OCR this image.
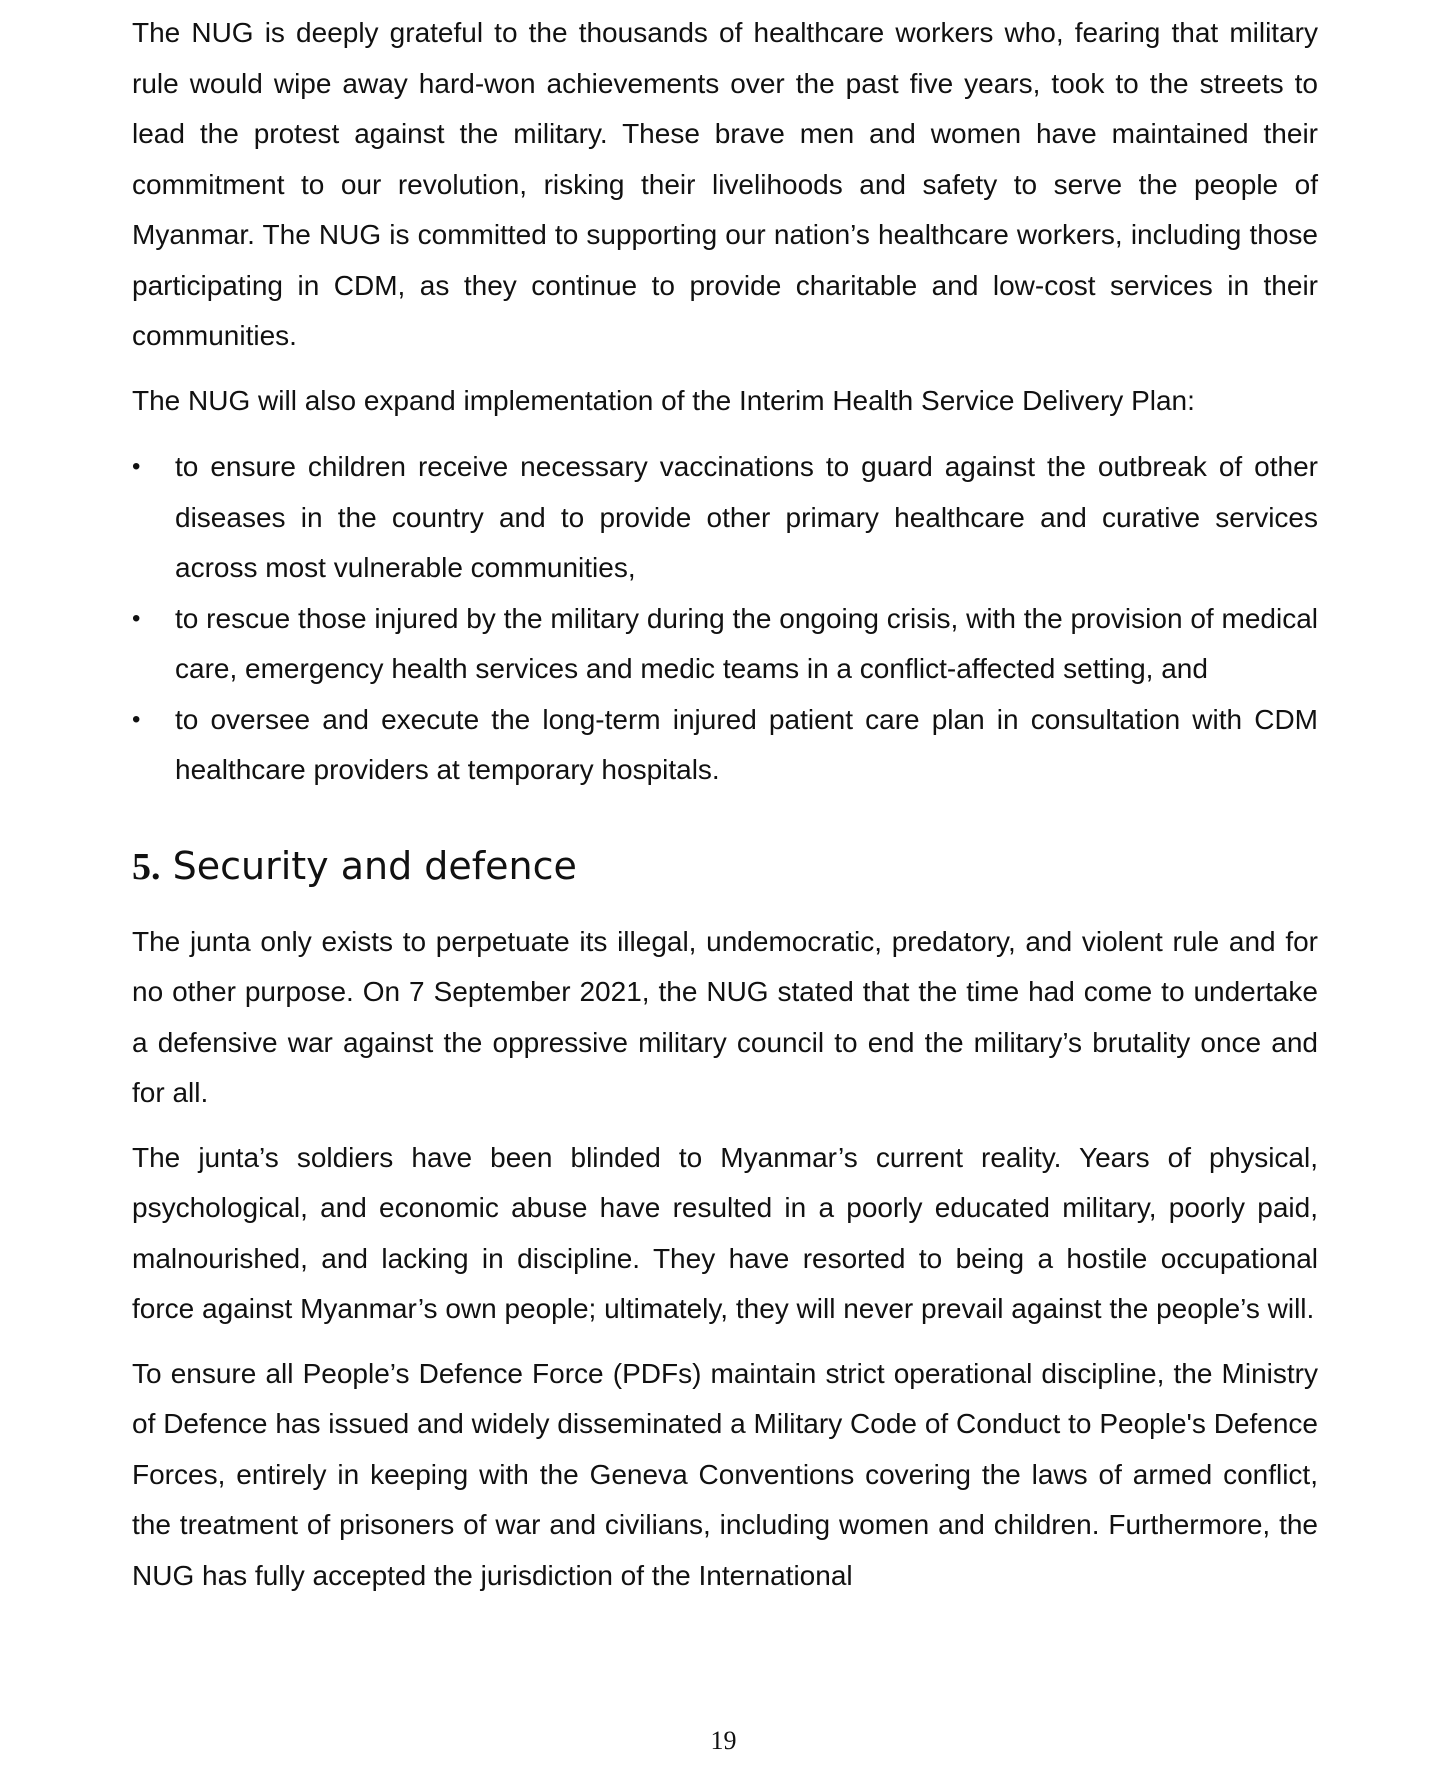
The NUG is deeply grateful to the thousands of healthcare workers who, fearing that military rule would wipe away hard-won achievements over the past five years, took to the streets to lead the protest against the military. These brave men and women have maintained their commitment to our revolution, risking their livelihoods and safety to serve the people of Myanmar. The NUG is committed to supporting our nation’s healthcare workers, including those participating in CDM, as they continue to provide charitable and low-cost services in their communities.

The NUG will also expand implementation of the Interim Health Service Delivery Plan:

•	to ensure children receive necessary vaccinations to guard against the outbreak of other diseases in the country and to provide other primary healthcare and curative services across most vulnerable communities,
•	to rescue those injured by the military during the ongoing crisis, with the provision of medical care, emergency health services and medic teams in a conflict-affected setting, and
•	to oversee and execute the long-term injured patient care plan in consultation with CDM healthcare providers at temporary hospitals.
5. Security and defence

The junta only exists to perpetuate its illegal, undemocratic, predatory, and violent rule and for no other purpose. On 7 September 2021, the NUG stated that the time had come to undertake a defensive war against the oppressive military council to end the military’s brutality once and for all.

The junta’s soldiers have been blinded to Myanmar’s current reality. Years of physical, psychological, and economic abuse have resulted in a poorly educated military, poorly paid, malnourished, and lacking in discipline. They have resorted to being a hostile occupational force against Myanmar’s own people; ultimately, they will never prevail against the people’s will.

To ensure all People’s Defence Force (PDFs) maintain strict operational discipline, the Ministry of Defence has issued and widely disseminated a Military Code of Conduct to People's Defence Forces, entirely in keeping with the Geneva Conventions covering the laws of armed conflict, the treatment of prisoners of war and civilians, including women and children. Furthermore, the NUG has fully accepted the jurisdiction of the International

19
